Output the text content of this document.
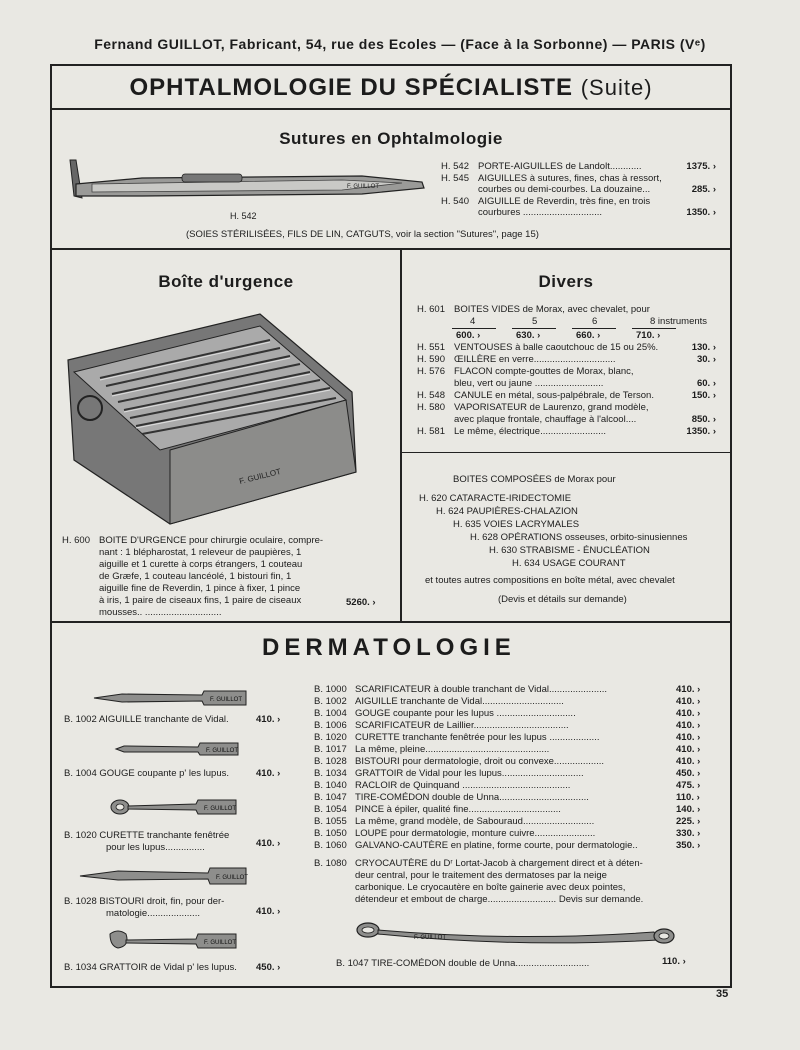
Fernand GUILLOT, Fabricant, 54, rue des Ecoles — (Face à la Sorbonne) — PARIS (Vᵉ)
OPHTALMOLOGIE DU SPÉCIALISTE (Suite)
Sutures en Ophtalmologie
F. GUILLOT
H. 542
H. 542 PORTE-AIGUILLES de Landolt............	1375. ›
H. 545 AIGUILLES à sutures, fines, chas à ressort,
courbes ou demi-courbes. La douzaine...	285. ›
H. 540 AIGUILLE de Reverdin, très fine, en trois
courbures ..............................	1350. ›
(SOIES STÉRILISÉES, FILS DE LIN, CATGUTS, voir la section "Sutures", page 15)
Boîte d'urgence
F. GUILLOT
H. 600 BOITE D'URGENCE pour chirurgie oculaire, compre-
nant : 1 blépharostat, 1 releveur de paupières, 1
aiguille et 1 curette à corps étrangers, 1 couteau
de Græfe, 1 couteau lancéolé, 1 bistouri fin, 1
aiguille fine de Reverdin, 1 pince à fixer, 1 pince
à iris, 1 paire de ciseaux fins, 1 paire de ciseaux
mousses.. .............................
5260. ›
Divers
H. 601 BOITES VIDES de Morax, avec chevalet, pour
4	5	6	8 instruments
600. ›	630. ›	660. ›	710. ›
H. 551 VENTOUSES à balle caoutchouc de 15 ou 25%.	130. ›
H. 590 ŒILLÈRE en verre...............................	30. ›
H. 576 FLACON compte-gouttes de Morax, blanc,
bleu, vert ou jaune ..........................	60. ›
H. 548 CANULE en métal, sous-palpébrale, de Terson.	150. ›
H. 580 VAPORISATEUR de Laurenzo, grand modèle,
avec plaque frontale, chauffage à l'alcool....	850. ›
H. 581 Le même, électrique.........................	1350. ›
BOITES COMPOSÉES de Morax pour
H. 620 CATARACTE-IRIDECTOMIE
H. 624 PAUPIÈRES-CHALAZION
H. 635 VOIES LACRYMALES
H. 628 OPÉRATIONS osseuses, orbito-sinusiennes
H. 630 STRABISME - ÉNUCLÉATION
H. 634 USAGE COURANT
et toutes autres compositions en boîte métal, avec chevalet
(Devis et détails sur demande)
DERMATOLOGIE
F. GUILLOT
B. 1002 AIGUILLE tranchante de Vidal.	410. ›
F. GUILLOT
B. 1004 GOUGE coupante p' les lupus.	410. ›
F. GUILLOT
B. 1020 CURETTE tranchante fenêtrée
pour les lupus...............	410. ›
F. GUILLOT
B. 1028 BISTOURI droit, fin, pour der-
matologie....................	410. ›
F. GUILLOT
B. 1034 GRATTOIR de Vidal p' les lupus. 450. ›
B. 1000 SCARIFICATEUR à double tranchant de Vidal......................	410. ›
B. 1002 AIGUILLE tranchante de Vidal...............................	410. ›
B. 1004 GOUGE coupante pour les lupus ..............................	410. ›
B. 1006 SCARIFICATEUR de Laillier....................................	410. ›
B. 1020 CURETTE tranchante fenêtrée pour les lupus ...................	410. ›
B. 1017 La même, pleine...............................................	410. ›
B. 1028 BISTOURI pour dermatologie, droit ou convexe...................	410. ›
B. 1034 GRATTOIR de Vidal pour les lupus...............................	450. ›
B. 1040 RACLOIR de Quinquand .........................................	475. ›
B. 1047 TIRE-COMÉDON double de Unna..................................	110. ›
B. 1054 PINCE à épiler, qualité fine...................................	140. ›
B. 1055 La même, grand modèle, de Sabouraud...........................	225. ›
B. 1050 LOUPE pour dermatologie, monture cuivre.......................	330. ›
B. 1060 GALVANO-CAUTÈRE en platine, forme courte, pour dermatologie..	350. ›
B. 1080 CRYOCAUTÈRE du Dʳ Lortat-Jacob à chargement direct et à déten-
deur central, pour le traitement des dermatoses par la neige
carbonique. Le cryocautère en boîte gainerie avec deux pointes,
détendeur et embout de charge.......................... Devis sur demande.
F. GUILLOT
B. 1047 TIRE-COMÉDON double de Unna............................	110. ›
35
